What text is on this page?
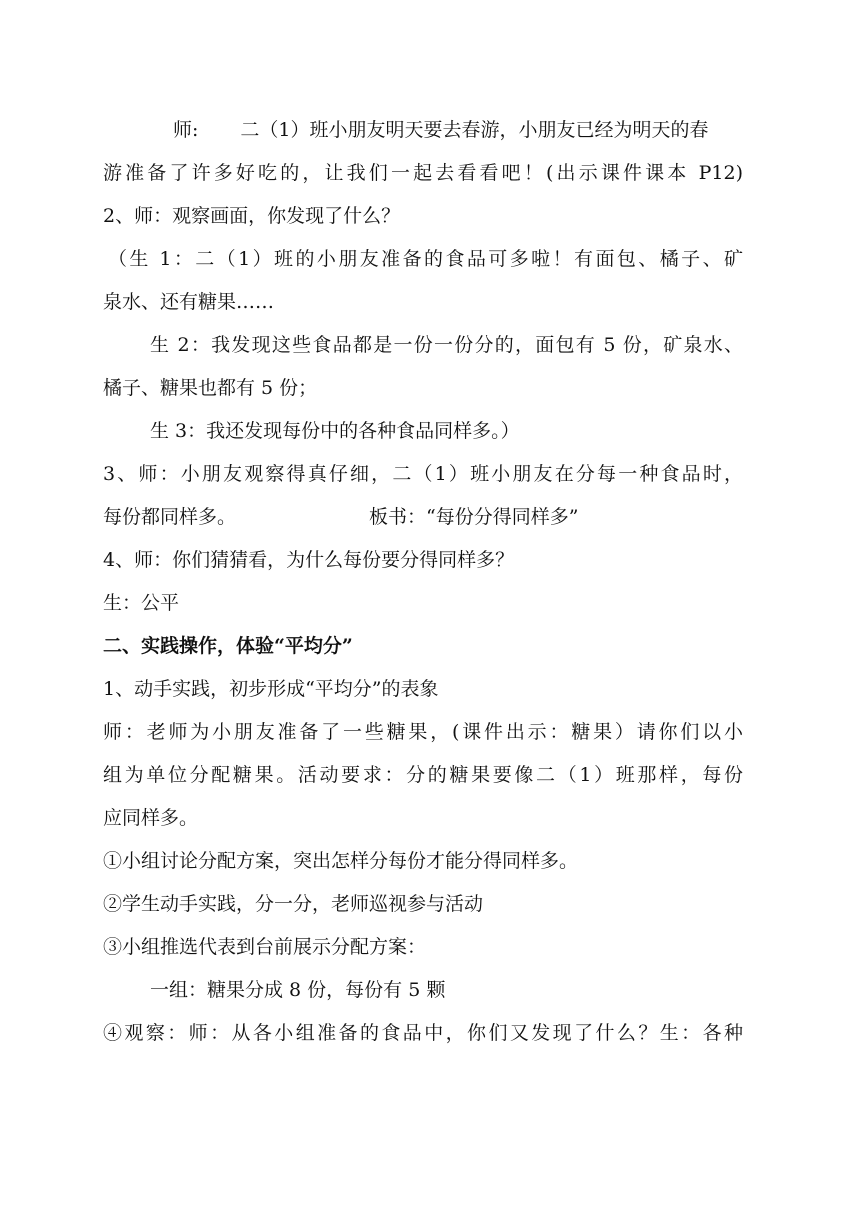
师: 二（1）班小朋友明天要去春游，小朋友已经为明天的春

游准备了许多好吃的，让我们一起去看看吧！(出示课件课本 P12)

2、师：观察画面，你发现了什么？

（生 1：二（1）班的小朋友准备的食品可多啦！有面包、橘子、矿

泉水、还有糖果……

生 2：我发现这些食品都是一份一份分的，面包有 5 份，矿泉水、

橘子、糖果也都有 5 份；

生 3：我还发现每份中的各种食品同样多。）

3、师：小朋友观察得真仔细，二（1）班小朋友在分每一种食品时，

每份都同样多。	板书：“每份分得同样多”

4、师：你们猜猜看，为什么每份要分得同样多？

生：公平

二、实践操作，体验“平均分”

1、动手实践，初步形成“平均分”的表象

师：老师为小朋友准备了一些糖果，(课件出示：糖果）请你们以小

组为单位分配糖果。活动要求：分的糖果要像二（1）班那样，每份

应同样多。

①小组讨论分配方案，突出怎样分每份才能分得同样多。

②学生动手实践，分一分，老师巡视参与活动

③小组推选代表到台前展示分配方案：

一组：糖果分成 8 份，每份有 5 颗

④观察：师：从各小组准备的食品中，你们又发现了什么？生：各种
